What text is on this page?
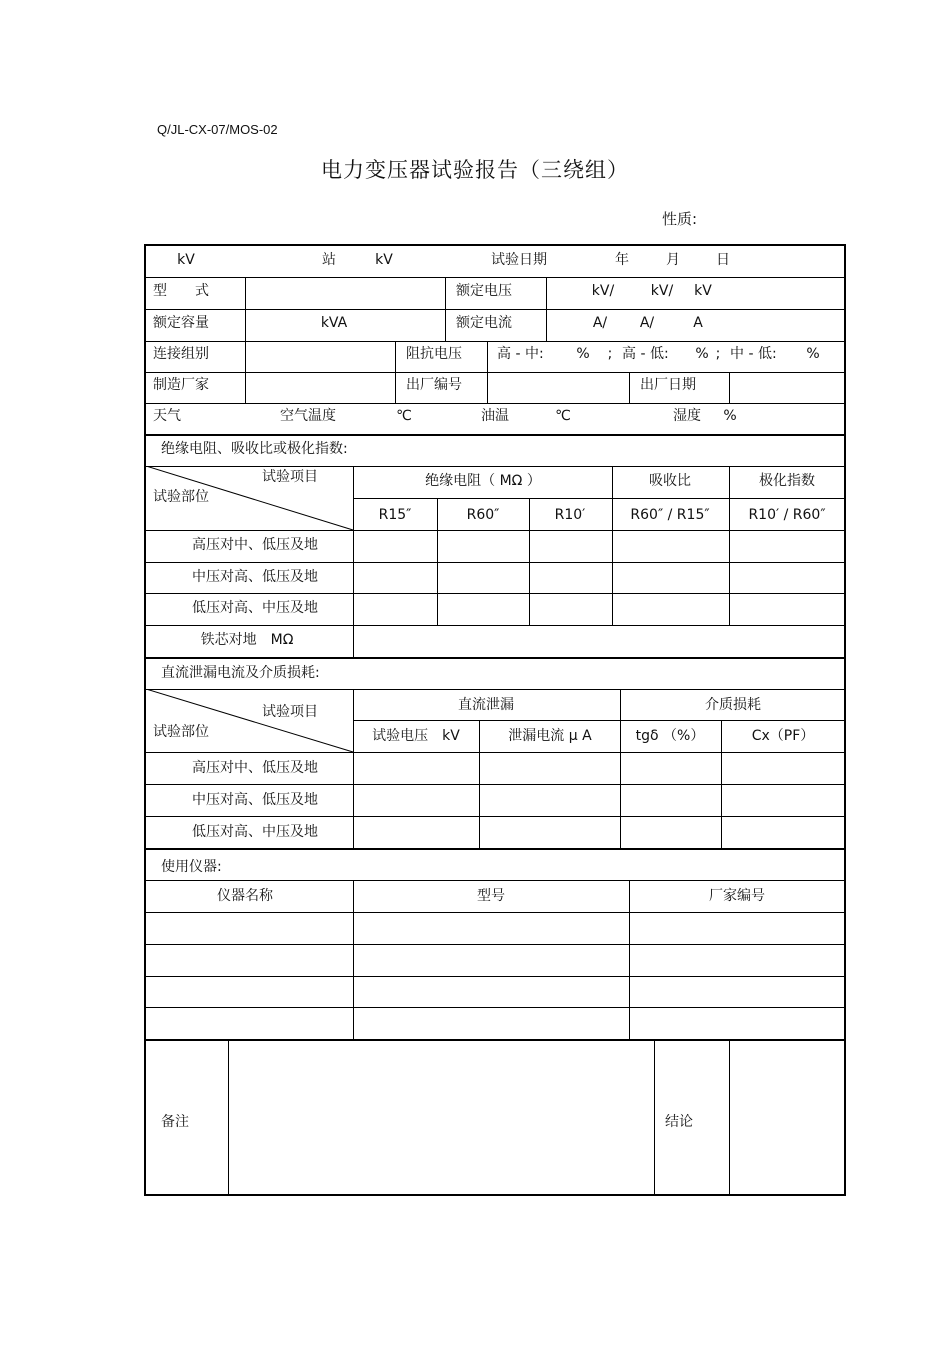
Q/JL-CX-07/MOS-02
电力变压器试验报告（三绕组）
性质:
kV	站	kV	试验日期	年	月	日
型　　式	额定电压	kV/	kV/ kV
额定容量	kVA	额定电流	A/ A/	A
连接组别	阻抗电压	高 - 中: % ; 高 - 低: % ; 中 - 低: %
制造厂家	出厂编号	出厂日期
天气	空气温度	℃	油温	℃	湿度 %
绝缘电阻、吸收比或极化指数:
试验项目
试验部位
绝缘电阻（ MΩ ）	吸收比	极化指数
R15″	R60″	R10′	R60″ / R15″	R10′ / R60″
高压对中、低压及地
中压对高、低压及地
低压对高、中压及地
铁芯对地　MΩ
直流泄漏电流及介质损耗:
试验项目
试验部位
直流泄漏	介质损耗
试验电压　kV	泄漏电流 μ A	tgδ （%）	Cx（PF）
高压对中、低压及地
中压对高、低压及地
低压对高、中压及地
使用仪器:
仪器名称	型号	厂家编号
备注	结论
